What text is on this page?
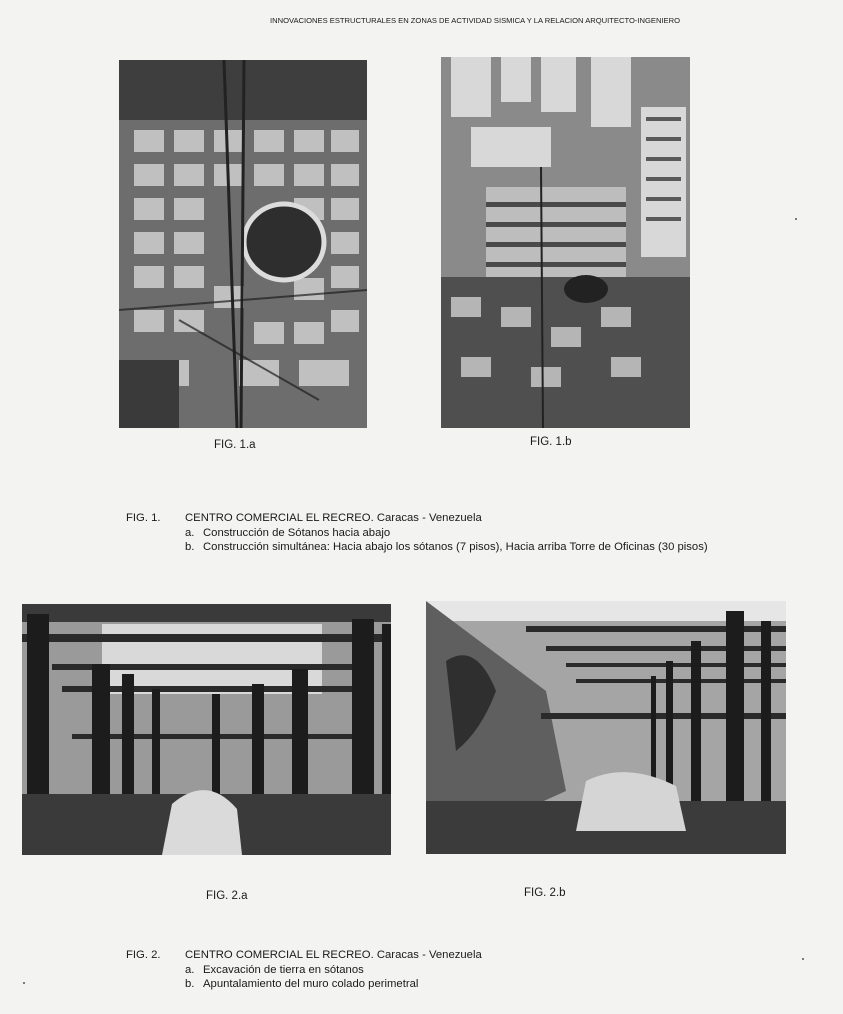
INNOVACIONES ESTRUCTURALES EN ZONAS DE ACTIVIDAD SISMICA Y LA RELACION ARQUITECTO-INGENIERO
FIG. 1.a	FIG. 1.b
FIG. 1. CENTRO COMERCIAL EL RECREO. Caracas - Venezuela
a. Construcción de Sótanos hacia abajo
b. Construcción simultánea: Hacia abajo los sótanos (7 pisos), Hacia arriba Torre de Oficinas (30 pisos)
FIG. 2.a	FIG. 2.b
FIG. 2. CENTRO COMERCIAL EL RECREO. Caracas - Venezuela
a. Excavación de tierra en sótanos
b. Apuntalamiento del muro colado perimetral
